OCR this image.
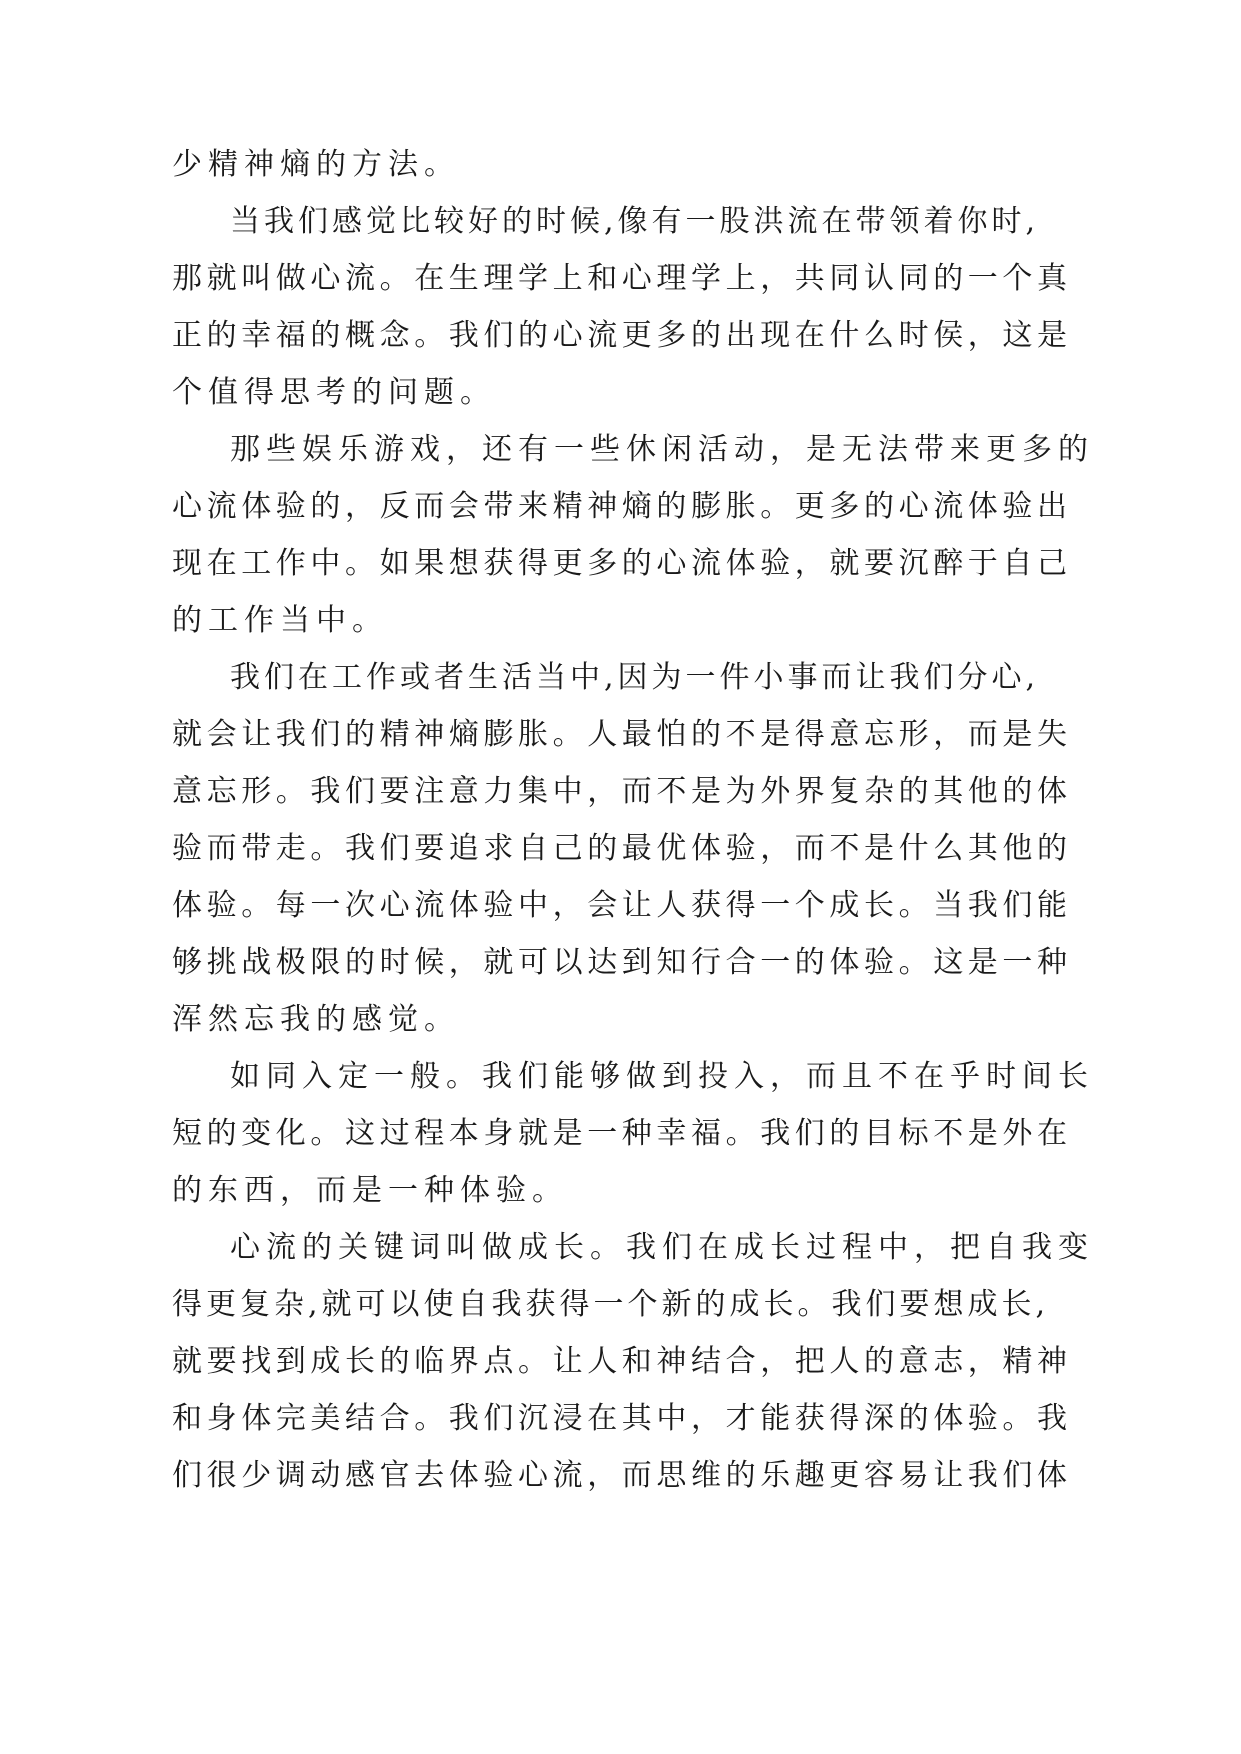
少精神熵的方法。

当我们感觉比较好的时候,像有一股洪流在带领着你时,

那就叫做心流。在生理学上和心理学上，共同认同的一个真

正的幸福的概念。我们的心流更多的出现在什么时侯，这是

个值得思考的问题。

那些娱乐游戏，还有一些休闲活动，是无法带来更多的

心流体验的，反而会带来精神熵的膨胀。更多的心流体验出

现在工作中。如果想获得更多的心流体验，就要沉醉于自己

的工作当中。

我们在工作或者生活当中,因为一件小事而让我们分心,

就会让我们的精神熵膨胀。人最怕的不是得意忘形，而是失

意忘形。我们要注意力集中，而不是为外界复杂的其他的体

验而带走。我们要追求自己的最优体验，而不是什么其他的

体验。每一次心流体验中，会让人获得一个成长。当我们能

够挑战极限的时候，就可以达到知行合一的体验。这是一种

浑然忘我的感觉。

如同入定一般。我们能够做到投入，而且不在乎时间长

短的变化。这过程本身就是一种幸福。我们的目标不是外在

的东西，而是一种体验。

心流的关键词叫做成长。我们在成长过程中，把自我变

得更复杂,就可以使自我获得一个新的成长。我们要想成长,

就要找到成长的临界点。让人和神结合，把人的意志，精神

和身体完美结合。我们沉浸在其中，才能获得深的体验。我

们很少调动感官去体验心流，而思维的乐趣更容易让我们体
